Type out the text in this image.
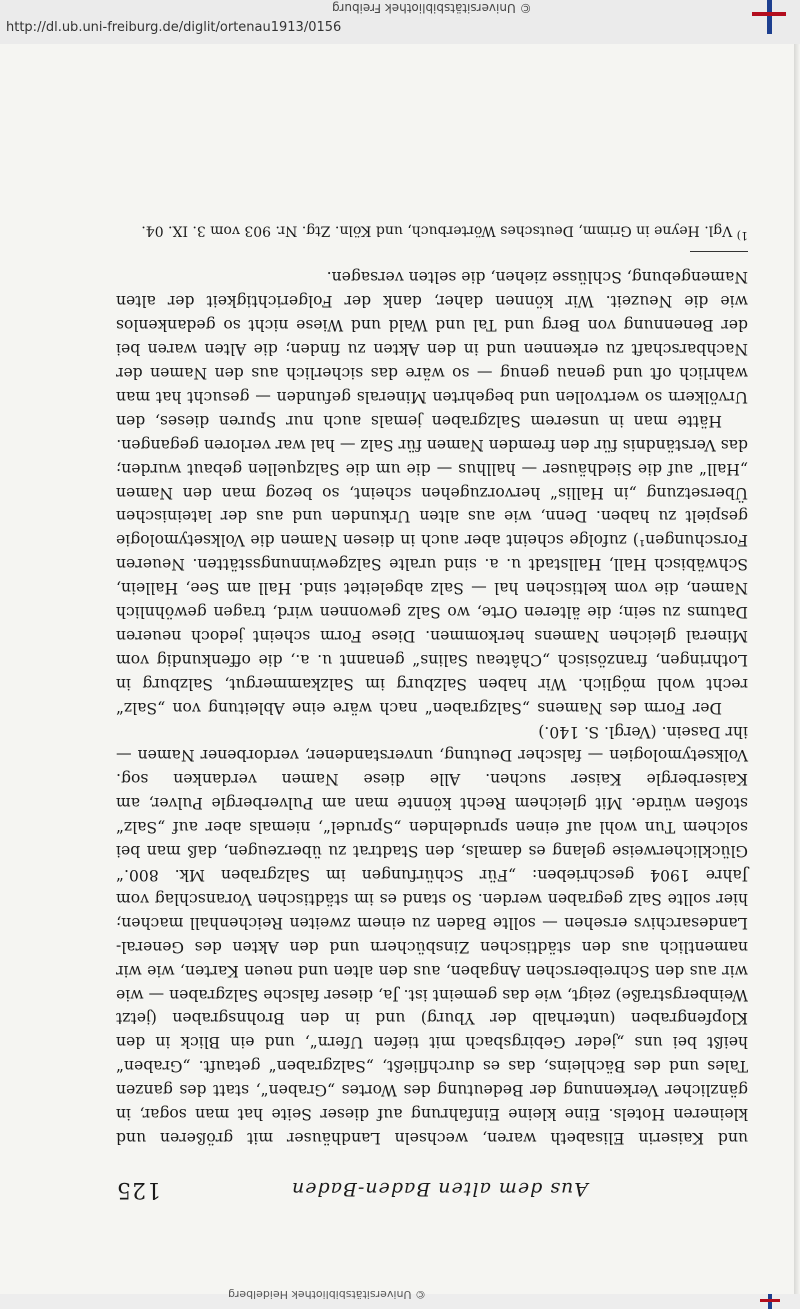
http://dl.ub.uni-freiburg.de/diglit/ortenau1913/0156
© Universitätsbibliothek Freiburg
Aus dem alten Baden-Baden
125

und Kaiserin Elisabeth waren, wechseln Landhäuser mit größeren und kleineren Hotels. Eine kleine Einfahrung auf dieser Seite hat man sogar, in gänzlicher Verkennung der Bedeutung des Wortes „Graben“, statt des ganzen Tales und des Bächleins, das es durchfließt, „Salzgraben“ getauft. „Graben“ heißt bei uns „jeder Gebirgsbach mit tiefen Ufern“, und ein Blick in den Klopfengraben (unterhalb der Yburg) und in den Brohnsgraben (jetzt Weinbergstraße) zeigt, wie das gemeint ist. Ja, dieser falsche Salzgraben — wie wir aus den Schreiberschen Angaben, aus den alten und neuen Karten, wie wir namentlich aus den städtischen Zinsbüchern und den Akten des General-Landesarchivs ersehen — sollte Baden zu einem zweiten Reichenhall machen; hier sollte Salz gegraben werden. So stand es im städtischen Voranschlag vom Jahre 1904 geschrieben: „Für Schürfungen im Salzgraben Mk. 800.“ Glücklicherweise gelang es damals, den Stadtrat zu überzeugen, daß man bei solchem Tun wohl auf einen sprudelnden „Sprudel“, niemals aber auf „Salz“ stoßen würde. Mit gleichem Recht könnte man am Pulverbergle Pulver, am Kaiserbergle Kaiser suchen. Alle diese Namen verdanken sog. Volksetymologien — falscher Deutung, unverstandener, verdorbener Namen — ihr Dasein. (Vergl. S. 140.)

Der Form des Namens „Salzgraben“ nach wäre eine Ableitung von „Salz“ recht wohl möglich. Wir haben Salzburg im Salzkammergut, Salzburg in Lothringen, französisch „Château Salins“ genannt u. a., die offenkundig vom Mineral gleichen Namens herkommen. Diese Form scheint jedoch neueren Datums zu sein; die älteren Orte, wo Salz gewonnen wird, tragen gewöhnlich Namen, die vom keltischen hal — Salz abgeleitet sind. Hall am See, Hallein, Schwäbisch Hall, Hallstadt u. a. sind uralte Salzgewinnungsstätten. Neueren Forschungen¹) zufolge scheint aber auch in diesen Namen die Volksetymologie gespielt zu haben. Denn, wie aus alten Urkunden und aus der lateinischen Übersetzung „in Hallis“ hervorzugehen scheint, so bezog man den Namen „Hall“ auf die Siedhäuser — hallhus — die um die Salzquellen gebaut wurden; das Verständnis für den fremden Namen für Salz — hal war verloren gegangen.

Hätte man in unserem Salzgraben jemals auch nur Spuren dieses, den Urvölkern so wertvollen und begehrten Minerals gefunden — gesucht hat man wahrlich oft und genau genug — so wäre das sicherlich aus den Namen der Nachbarschaft zu erkennen und in den Akten zu finden; die Alten waren bei der Benennung von Berg und Tal und Wald und Wiese nicht so gedankenlos wie die Neuzeit. Wir können daher, dank der Folgerichtigkeit der alten Namengebung, Schlüsse ziehen, die selten versagen.

$^{1)}$ Vgl. Heyne in Grimm, Deutsches Wörterbuch, und Köln. Ztg. Nr. 903 vom 3. IX. 04.
© Universitätsbibliothek Heidelberg
